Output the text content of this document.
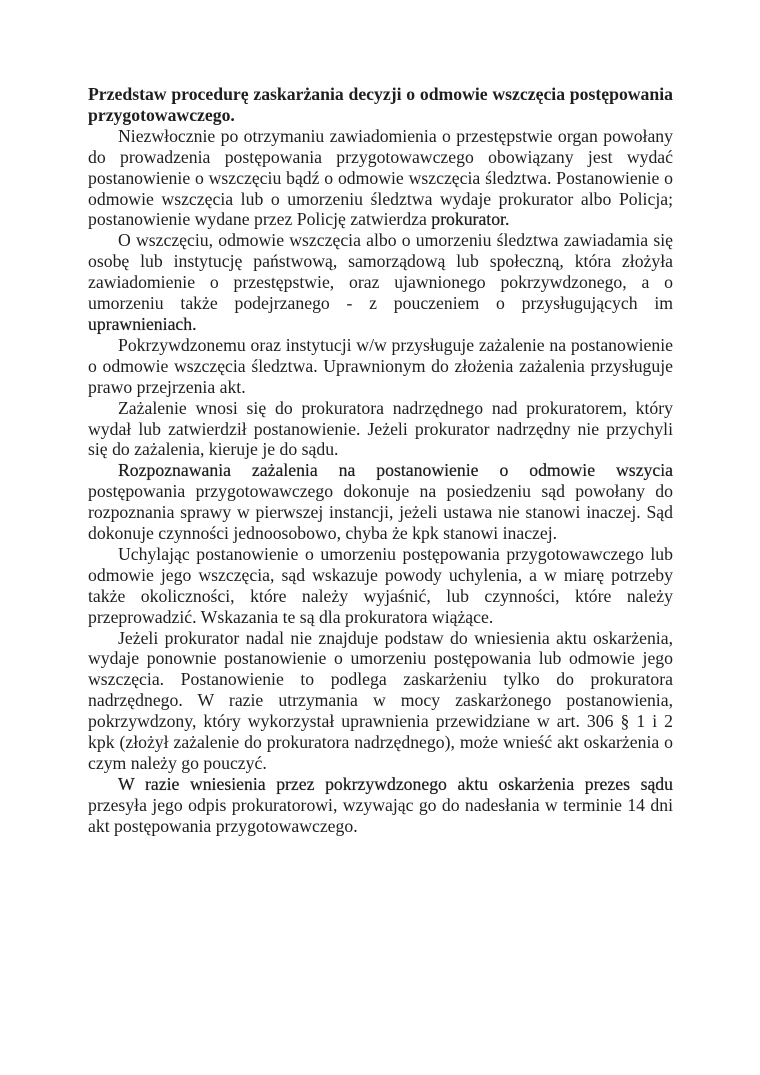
Przedstaw procedurę zaskarżania decyzji o odmowie wszczęcia postępowania przygotowawczego.

Niezwłocznie po otrzymaniu zawiadomienia o przestępstwie organ powołany do prowadzenia postępowania przygotowawczego obowiązany jest wydać postanowienie o wszczęciu bądź o odmowie wszczęcia śledztwa. Postanowienie o odmowie wszczęcia lub o umorzeniu śledztwa wydaje prokurator albo Policja; postanowienie wydane przez Policję zatwierdza prokurator.

O wszczęciu, odmowie wszczęcia albo o umorzeniu śledztwa zawiadamia się osobę lub instytucję państwową, samorządową lub społeczną, która złożyła zawiadomienie o przestępstwie, oraz ujawnionego pokrzywdzonego, a o umorzeniu także podejrzanego - z pouczeniem o przysługujących im uprawnieniach.

Pokrzywdzonemu oraz instytucji w/w przysługuje zażalenie na postanowienie o odmowie wszczęcia śledztwa. Uprawnionym do złożenia zażalenia przysługuje prawo przejrzenia akt.

Zażalenie wnosi się do prokuratora nadrzędnego nad prokuratorem, który wydał lub zatwierdził postanowienie. Jeżeli prokurator nadrzędny nie przychyli się do zażalenia, kieruje je do sądu.

Rozpoznawania zażalenia na postanowienie o odmowie wszycia postępowania przygotowawczego dokonuje na posiedzeniu sąd powołany do rozpoznania sprawy w pierwszej instancji, jeżeli ustawa nie stanowi inaczej. Sąd dokonuje czynności jednoosobowo, chyba że kpk stanowi inaczej.

Uchylając postanowienie o umorzeniu postępowania przygotowawczego lub odmowie jego wszczęcia, sąd wskazuje powody uchylenia, a w miarę potrzeby także okoliczności, które należy wyjaśnić, lub czynności, które należy przeprowadzić. Wskazania te są dla prokuratora wiążące.

Jeżeli prokurator nadal nie znajduje podstaw do wniesienia aktu oskarżenia, wydaje ponownie postanowienie o umorzeniu postępowania lub odmowie jego wszczęcia. Postanowienie to podlega zaskarżeniu tylko do prokuratora nadrzędnego. W razie utrzymania w mocy zaskarżonego postanowienia, pokrzywdzony, który wykorzystał uprawnienia przewidziane w art. 306 § 1 i 2 kpk (złożył zażalenie do prokuratora nadrzędnego), może wnieść akt oskarżenia o czym należy go pouczyć.

W razie wniesienia przez pokrzywdzonego aktu oskarżenia prezes sądu przesyła jego odpis prokuratorowi, wzywając go do nadesłania w terminie 14 dni akt postępowania przygotowawczego.
